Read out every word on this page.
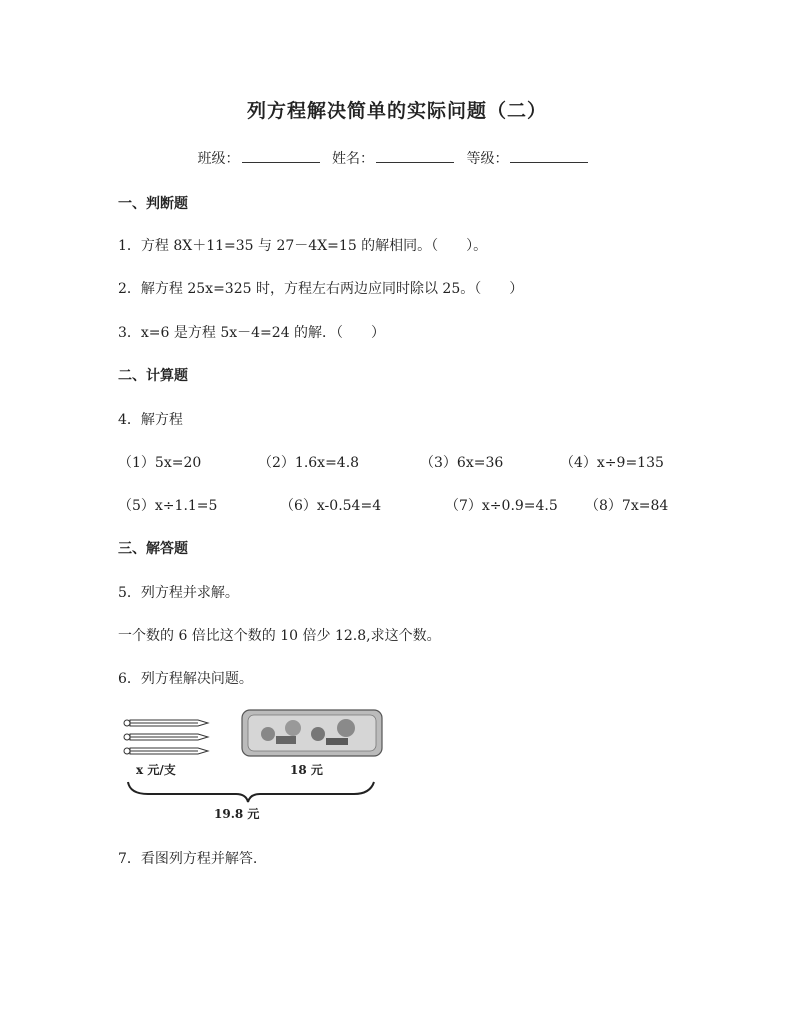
列方程解决简单的实际问题（二）
班级：	姓名：	等级：
一、判断题
1．方程 8X＋11=35 与 27－4X=15 的解相同。（　　）。
2．解方程 25x=325 时，方程左右两边应同时除以 25。（　　）
3．x=6 是方程 5x－4=24 的解．（　　）
二、计算题
4．解方程
（1）5x=20	（2）1.6x=4.8	（3）6x=36	（4）x÷9=135
（5）x÷1.1=5	（6）x-0.54=4	（7）x÷0.9=4.5 （8）7x=84
三、解答题
5．列方程并求解。
一个数的 6 倍比这个数的 10 倍少 12.8,求这个数。
6．列方程解决问题。
x 元/支	18 元
19.8 元
7．看图列方程并解答.
